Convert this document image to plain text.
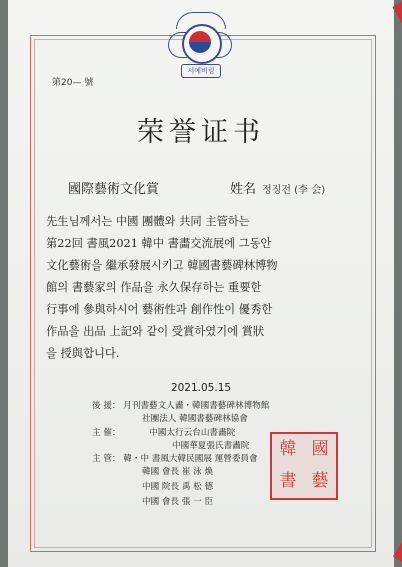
서예비림
第20— 號
荣誉证书
國際藝術文化賞	姓名 정징전 (李 会)
先生님께서는 中國 團體와 共同 主管하는
第22回 書風2021 韓中 書畵交流展에 그동안
文化藝術을 繼承發展시키고 韓國書藝碑林博物
館의 書藝家의 作品을 永久保存하는 重要한
行事에 參與하시어 藝術性과 創作性이 優秀한
作品을 出品 上記와 같이 受賞하였기에 賞狀
을 授與합니다.
2021.05.15
後 援： 月刊書藝文人畵・韓國書藝碑林博物館
社團法人 韓國書藝碑林協會
主 催：	中國太行云台山書畵院
中國華夏張氏書畵院
主 管： 韓・中 書風大韓民國展 運營委員會
韓國 會長 崔 泳 煥
中國 院長 禹 松 德
中國 會長 張 一 臣
韓 國
書 藝
